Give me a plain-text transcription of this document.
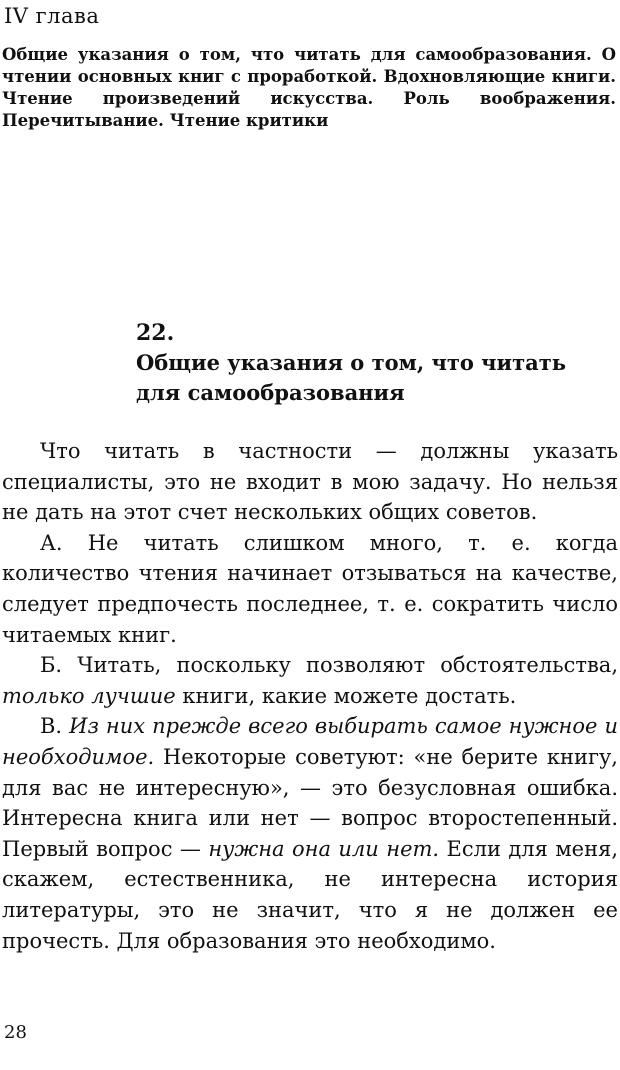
IV глава
Общие указания о том, что читать для самообразования. О чтении основных книг с проработкой. Вдохновляющие книги. Чтение произведений искусства. Роль воображения. Перечитывание. Чтение критики
22.
Общие указания о том, что читать для самообразования

Что читать в частности — должны указать специалисты, это не входит в мою задачу. Но нельзя не дать на этот счет нескольких общих советов.

А. Не читать слишком много, т. е. когда количество чтения начинает отзываться на качестве, следует предпочесть последнее, т. е. сократить число читаемых книг.

Б. Читать, поскольку позволяют обстоятельства, только лучшие книги, какие можете достать.

В. Из них прежде всего выбирать самое нужное и необходимое. Некоторые советуют: «не берите книгу, для вас не интересную», — это безусловная ошибка. Интересна книга или нет — вопрос второстепенный. Первый вопрос — нужна она или нет. Если для меня, скажем, естественника, не интересна история литературы, это не значит, что я не должен ее прочесть. Для образования это необходимо.

28
